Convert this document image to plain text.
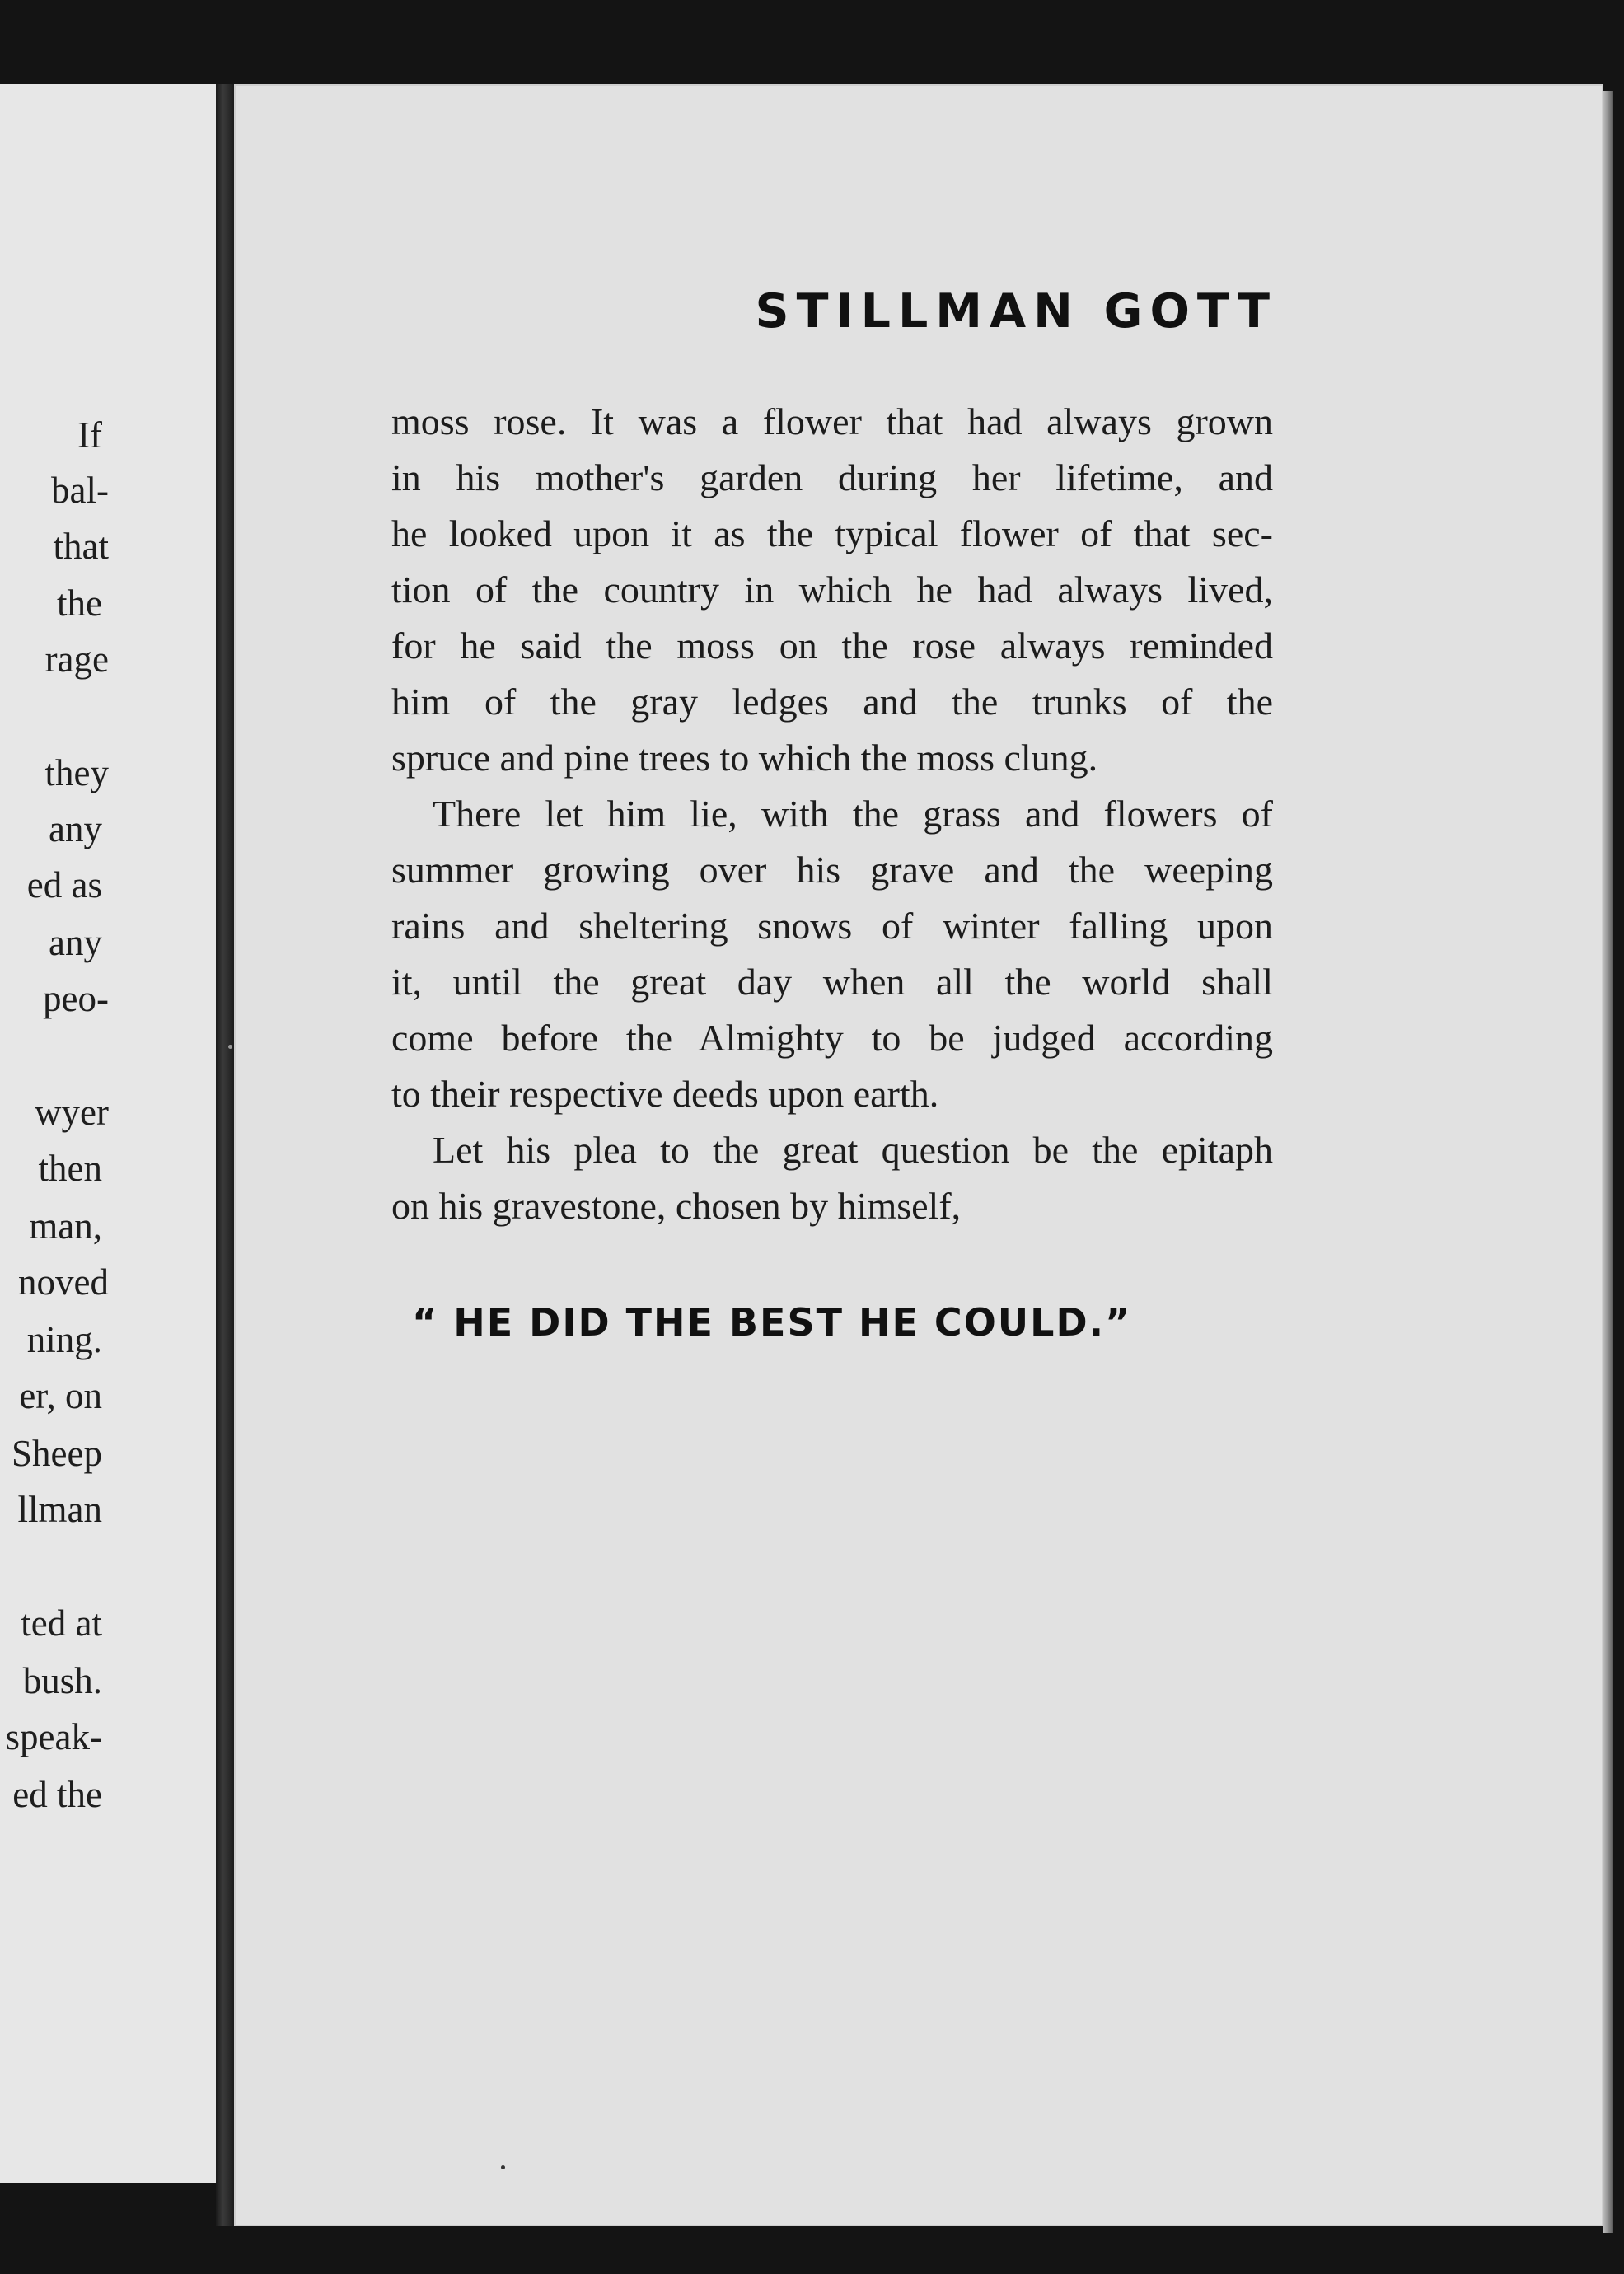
If
bal-
that
the
rage
they
any
ed as
any
peo-
wyer
then
man,
noved
ning.
er, on
Sheep
llman
ted at
bush.
speak-
ed the
STILLMAN GOTT
moss rose. It was a flower that had always grown
in his mother's garden during her lifetime, and
he looked upon it as the typical flower of that sec-
tion of the country in which he had always lived,
for he said the moss on the rose always reminded
him of the gray ledges and the trunks of the
spruce and pine trees to which the moss clung.
There let him lie, with the grass and flowers of
summer growing over his grave and the weeping
rains and sheltering snows of winter falling upon
it, until the great day when all the world shall
come before the Almighty to be judged according
to their respective deeds upon earth.
Let his plea to the great question be the epitaph
on his gravestone, chosen by himself,
“ HE DID THE BEST HE COULD.”
